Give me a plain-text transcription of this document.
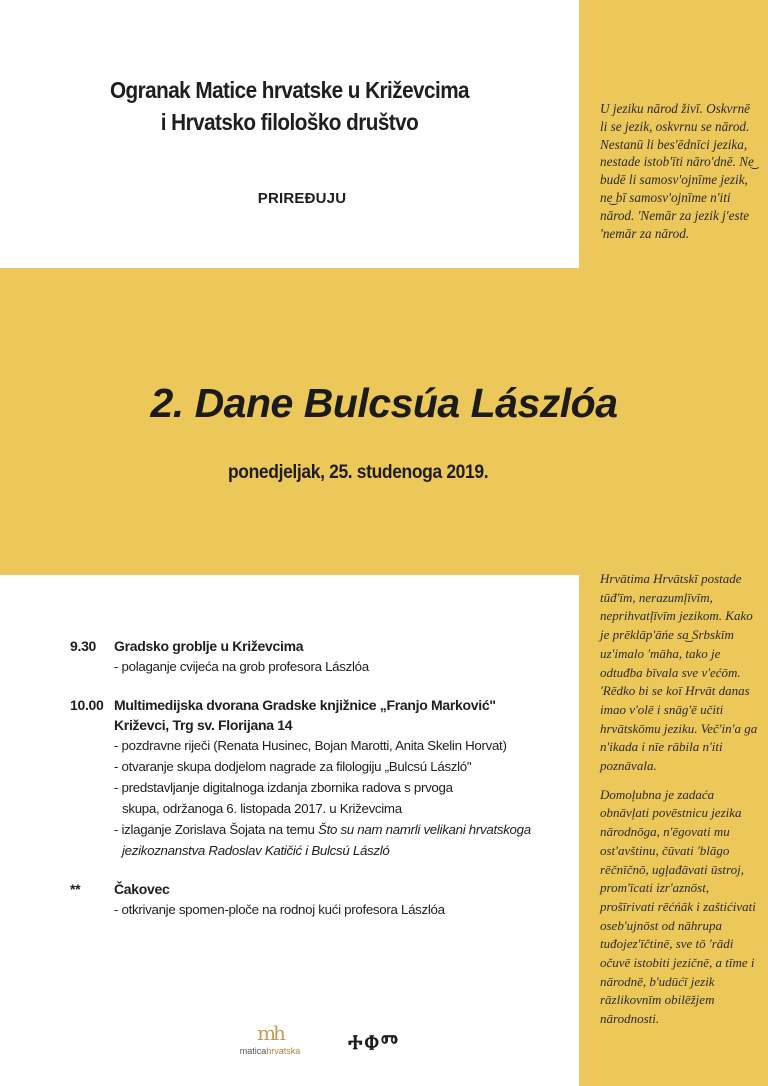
Ogranak Matice hrvatske u Križevcima
i Hrvatsko filološko društvo
PRIREĐUJU
U jeziku nārod živī. Oskvrnē li se jezik, oskvrnu se nārod. Nestanū li bes'ēdnīci jezika, nestade istob'īti nāro'dnē. Ne͜ budē li samosv'ojnīme jezik, ne͜ bī samosv'ojnīme n'iti nārod. 'Nemār za jezik j'este 'nemār za nārod.
2. Dane Bulcsúa Lászlóa
ponedjeljak, 25. studenoga 2019.

Hrvātima Hrvātskī postade tūđ'īm, nerazumļīvīm, neprihvatļīvīm jezikom. Kako je prēklāp'āńe sa͜ Srbskīm uz'imalo 'māha, tako je odtuđba bīvala sve v'ećōm. 'Rēdko bi se koī Hrvāt danas imao v'olē i snāg'ē učiti hrvātskōmu jeziku. Več'in'a ga n'ikada i nīe rābila n'iti poznāvala.

Domoļubna je zadaća obnāvļati povēstnicu jezika nārodnōga, n'ēgovati mu ost'avštinu, čūvati 'blāgo rēčnīčnō, ugļađāvati ūstroj, prom'īcati izr'aznōst, prošīrivati rēćńāk i zaštićivati oseb'ujnōst od nāhrupa tuđojez'īčtinē, sve tō 'rādi očuvē istobiti jezičnē, a tīme i nārodnē, b'udūćī jezik rāzlikovnīm obilēžjem nārodnosti.

9.30	Gradsko groblje u Križevcima
- polaganje cvijeća na grob profesora Lászlóa
10.00 Multimedijska dvorana Gradske knjižnice „Franjo Marković"
Križevci, Trg sv. Florijana 14
- pozdravne riječi (Renata Husinec, Bojan Marotti, Anita Skelin Horvat)
- otvaranje skupa dodjelom nagrade za filologiju „Bulcsú László"
- predstavljanje digitalnoga izdanja zbornika radova s prvoga
skupa, održanoga 6. listopada 2017. u Križevcima
- izlaganje Zorislava Šojata na temu Što su nam namrli velikani hrvatskoga
jezikoznanstva Radoslav Katičić i Bulcsú László
**	Čakovec
- otkrivanje spomen-ploče na rodnoj kući profesora Lászlóa
mh
maticahrvatska	ⰀⰗⰕ
